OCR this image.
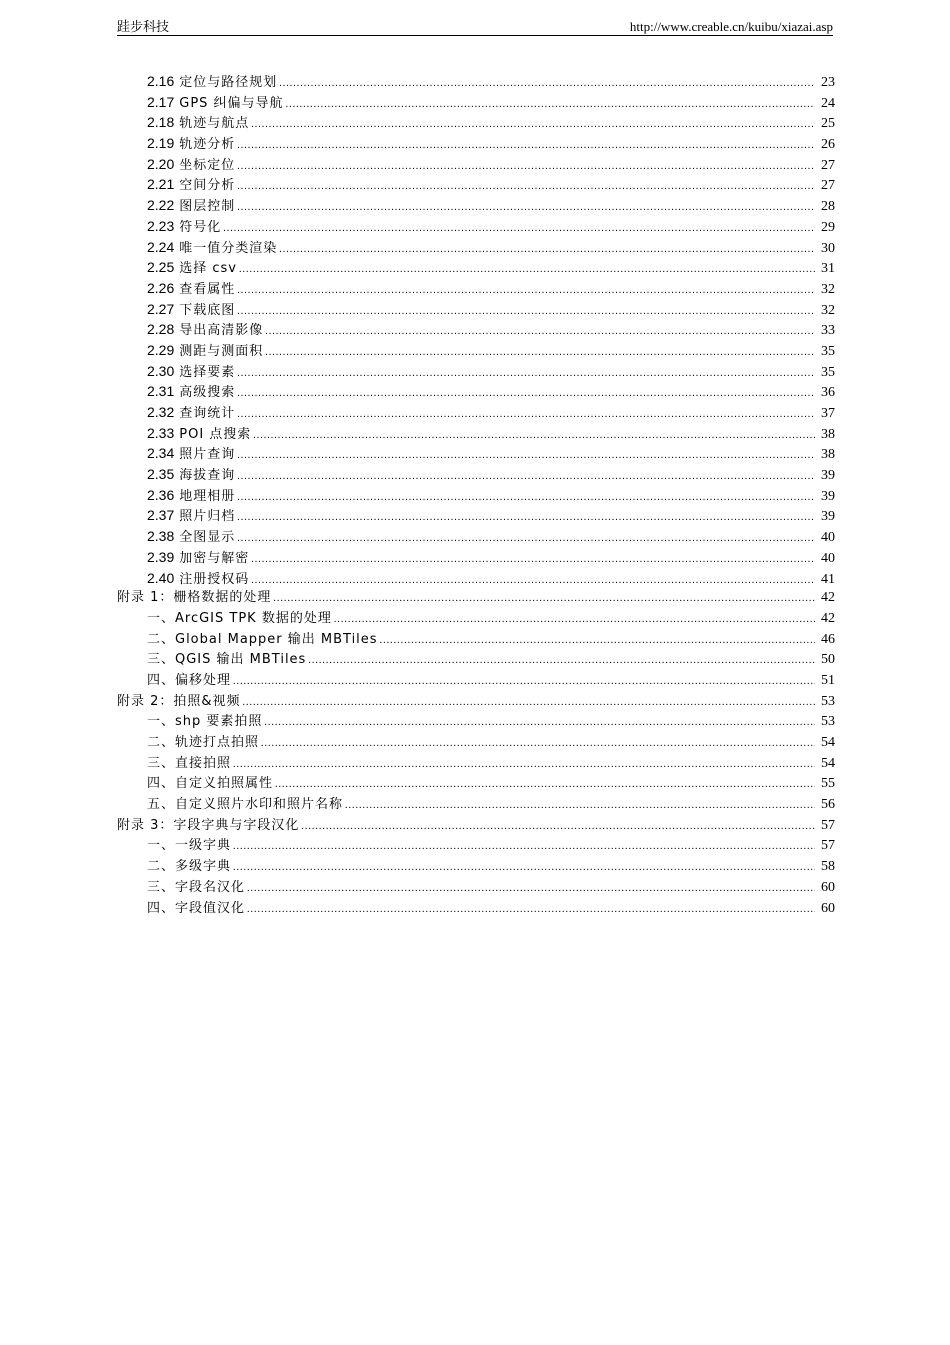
跬步科技	http://www.creable.cn/kuibu/xiazai.asp
2.16 定位与路径规划 .....	23
2.17 GPS 纠偏与导航 .....	24
2.18 轨迹与航点 .....	25
2.19 轨迹分析 .....	26
2.20 坐标定位 .....	27
2.21 空间分析 .....	27
2.22 图层控制 .....	28
2.23 符号化 .....	29
2.24 唯一值分类渲染 .....	30
2.25 选择 csv .....	31
2.26 查看属性 .....	32
2.27 下载底图 .....	32
2.28 导出高清影像 .....	33
2.29 测距与测面积 .....	35
2.30 选择要素 .....	35
2.31 高级搜索 .....	36
2.32 查询统计 .....	37
2.33 POI 点搜索 .....	38
2.34 照片查询 .....	38
2.35 海拔查询 .....	39
2.36 地理相册 .....	39
2.37 照片归档 .....	39
2.38 全图显示 .....	40
2.39 加密与解密 .....	40
2.40 注册授权码 .....	41
附录 1：栅格数据的处理 .....	42
一、ArcGIS TPK 数据的处理 .....	42
二、Global Mapper 输出 MBTiles .....	46
三、QGIS 输出 MBTiles .....	50
四、偏移处理 .....	51
附录 2：拍照&视频 .....	53
一、shp 要素拍照 .....	53
二、轨迹打点拍照 .....	54
三、直接拍照 .....	54
四、自定义拍照属性 .....	55
五、自定义照片水印和照片名称 .....	56
附录 3：字段字典与字段汉化 .....	57
一、一级字典 .....	57
二、多级字典 .....	58
三、字段名汉化 .....	60
四、字段值汉化 .....	60
